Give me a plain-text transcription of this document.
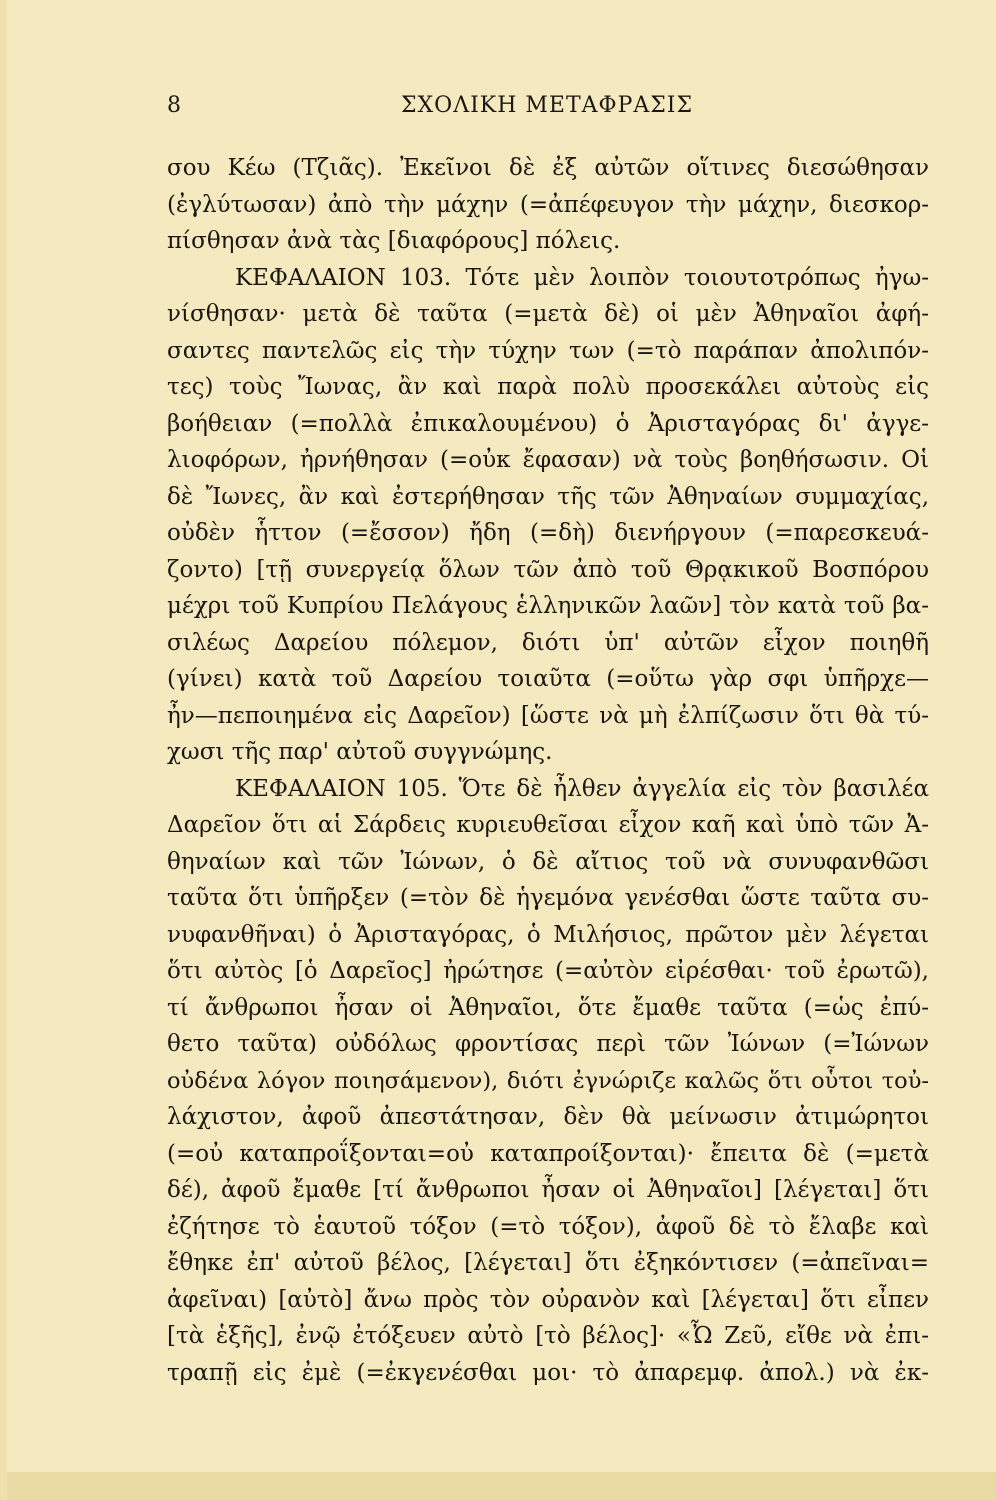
8	ΣΧΟΛΙΚΗ ΜΕΤΑΦΡΑΣΙΣ
σου Κέω (Τζιᾶς). Ἐκεῖνοι δὲ ἐξ αὐτῶν οἵτινες διεσώθησαν
(ἐγλύτωσαν) ἀπὸ τὴν μάχην (=ἀπέφευγον τὴν μάχην, διεσκορ-
πίσθησαν ἀνὰ τὰς [διαφόρους] πόλεις.
ΚΕΦΑΛΑΙΟΝ 103. Τότε μὲν λοιπὸν τοιουτοτρόπως ἠγω-
νίσθησαν· μετὰ δὲ ταῦτα (=μετὰ δὲ) οἱ μὲν Ἀθηναῖοι ἀφή-
σαντες παντελῶς εἰς τὴν τύχην των (=τὸ παράπαν ἀπολιπόν-
τες) τοὺς Ἴωνας, ἂν καὶ παρὰ πολὺ προσεκάλει αὐτοὺς εἰς
βοήθειαν (=πολλὰ ἐπικαλουμένου) ὁ Ἀρισταγόρας δι' ἀγγε-
λιοφόρων, ἠρνήθησαν (=οὐκ ἔφασαν) νὰ τοὺς βοηθήσωσιν. Οἱ
δὲ Ἴωνες, ἂν καὶ ἐστερήθησαν τῆς τῶν Ἀθηναίων συμμαχίας,
οὐδὲν ἧττον (=ἔσσον) ἤδη (=δὴ) διενήργουν (=παρεσκευά-
ζοντο) [τῇ συνεργείᾳ ὅλων τῶν ἀπὸ τοῦ Θρᾳκικοῦ Βοσπόρου
μέχρι τοῦ Κυπρίου Πελάγους ἑλληνικῶν λαῶν] τὸν κατὰ τοῦ βα-
σιλέως Δαρείου πόλεμον, διότι ὑπ' αὐτῶν εἶχον ποιηθῆ
(γίνει) κατὰ τοῦ Δαρείου τοιαῦτα (=οὕτω γὰρ σφι ὑπῆρχε—
ἦν—πεποιημένα εἰς Δαρεῖον) [ὥστε νὰ μὴ ἐλπίζωσιν ὅτι θὰ τύ-
χωσι τῆς παρ' αὐτοῦ συγγνώμης.
ΚΕΦΑΛΑΙΟΝ 105. Ὅτε δὲ ἦλθεν ἀγγελία εἰς τὸν βασιλέα
Δαρεῖον ὅτι αἱ Σάρδεις κυριευθεῖσαι εἶχον καῆ καὶ ὑπὸ τῶν Ἀ-
θηναίων καὶ τῶν Ἰώνων, ὁ δὲ αἴτιος τοῦ νὰ συνυφανθῶσι
ταῦτα ὅτι ὑπῆρξεν (=τὸν δὲ ἡγεμόνα γενέσθαι ὥστε ταῦτα συ-
νυφανθῆναι) ὁ Ἀρισταγόρας, ὁ Μιλήσιος, πρῶτον μὲν λέγεται
ὅτι αὐτὸς [ὁ Δαρεῖος] ἠρώτησε (=αὐτὸν εἰρέσθαι· τοῦ ἐρωτῶ),
τί ἄνθρωποι ἦσαν οἱ Ἀθηναῖοι, ὅτε ἔμαθε ταῦτα (=ὡς ἐπύ-
θετο ταῦτα) οὐδόλως φροντίσας περὶ τῶν Ἰώνων (=Ἰώνων
οὐδένα λόγον ποιησάμενον), διότι ἐγνώριζε καλῶς ὅτι οὗτοι τοὐ-
λάχιστον, ἀφοῦ ἀπεστάτησαν, δὲν θὰ μείνωσιν ἀτιμώρητοι
(=οὐ καταπροΐξονται=οὐ καταπροίξονται)· ἔπειτα δὲ (=μετὰ
δέ), ἀφοῦ ἔμαθε [τί ἄνθρωποι ἦσαν οἱ Ἀθηναῖοι] [λέγεται] ὅτι
ἐζήτησε τὸ ἑαυτοῦ τόξον (=τὸ τόξον), ἀφοῦ δὲ τὸ ἔλαβε καὶ
ἔθηκε ἐπ' αὐτοῦ βέλος, [λέγεται] ὅτι ἐξηκόντισεν (=ἀπεῖναι=
ἀφεῖναι) [αὐτὸ] ἄνω πρὸς τὸν οὐρανὸν καὶ [λέγεται] ὅτι εἶπεν
[τὰ ἑξῆς], ἐνῷ ἐτόξευεν αὐτὸ [τὸ βέλος]· «Ὦ Ζεῦ, εἴθε νὰ ἐπι-
τραπῇ εἰς ἐμὲ (=ἐκγενέσθαι μοι· τὸ ἀπαρεμφ. ἀπολ.) νὰ ἐκ-
